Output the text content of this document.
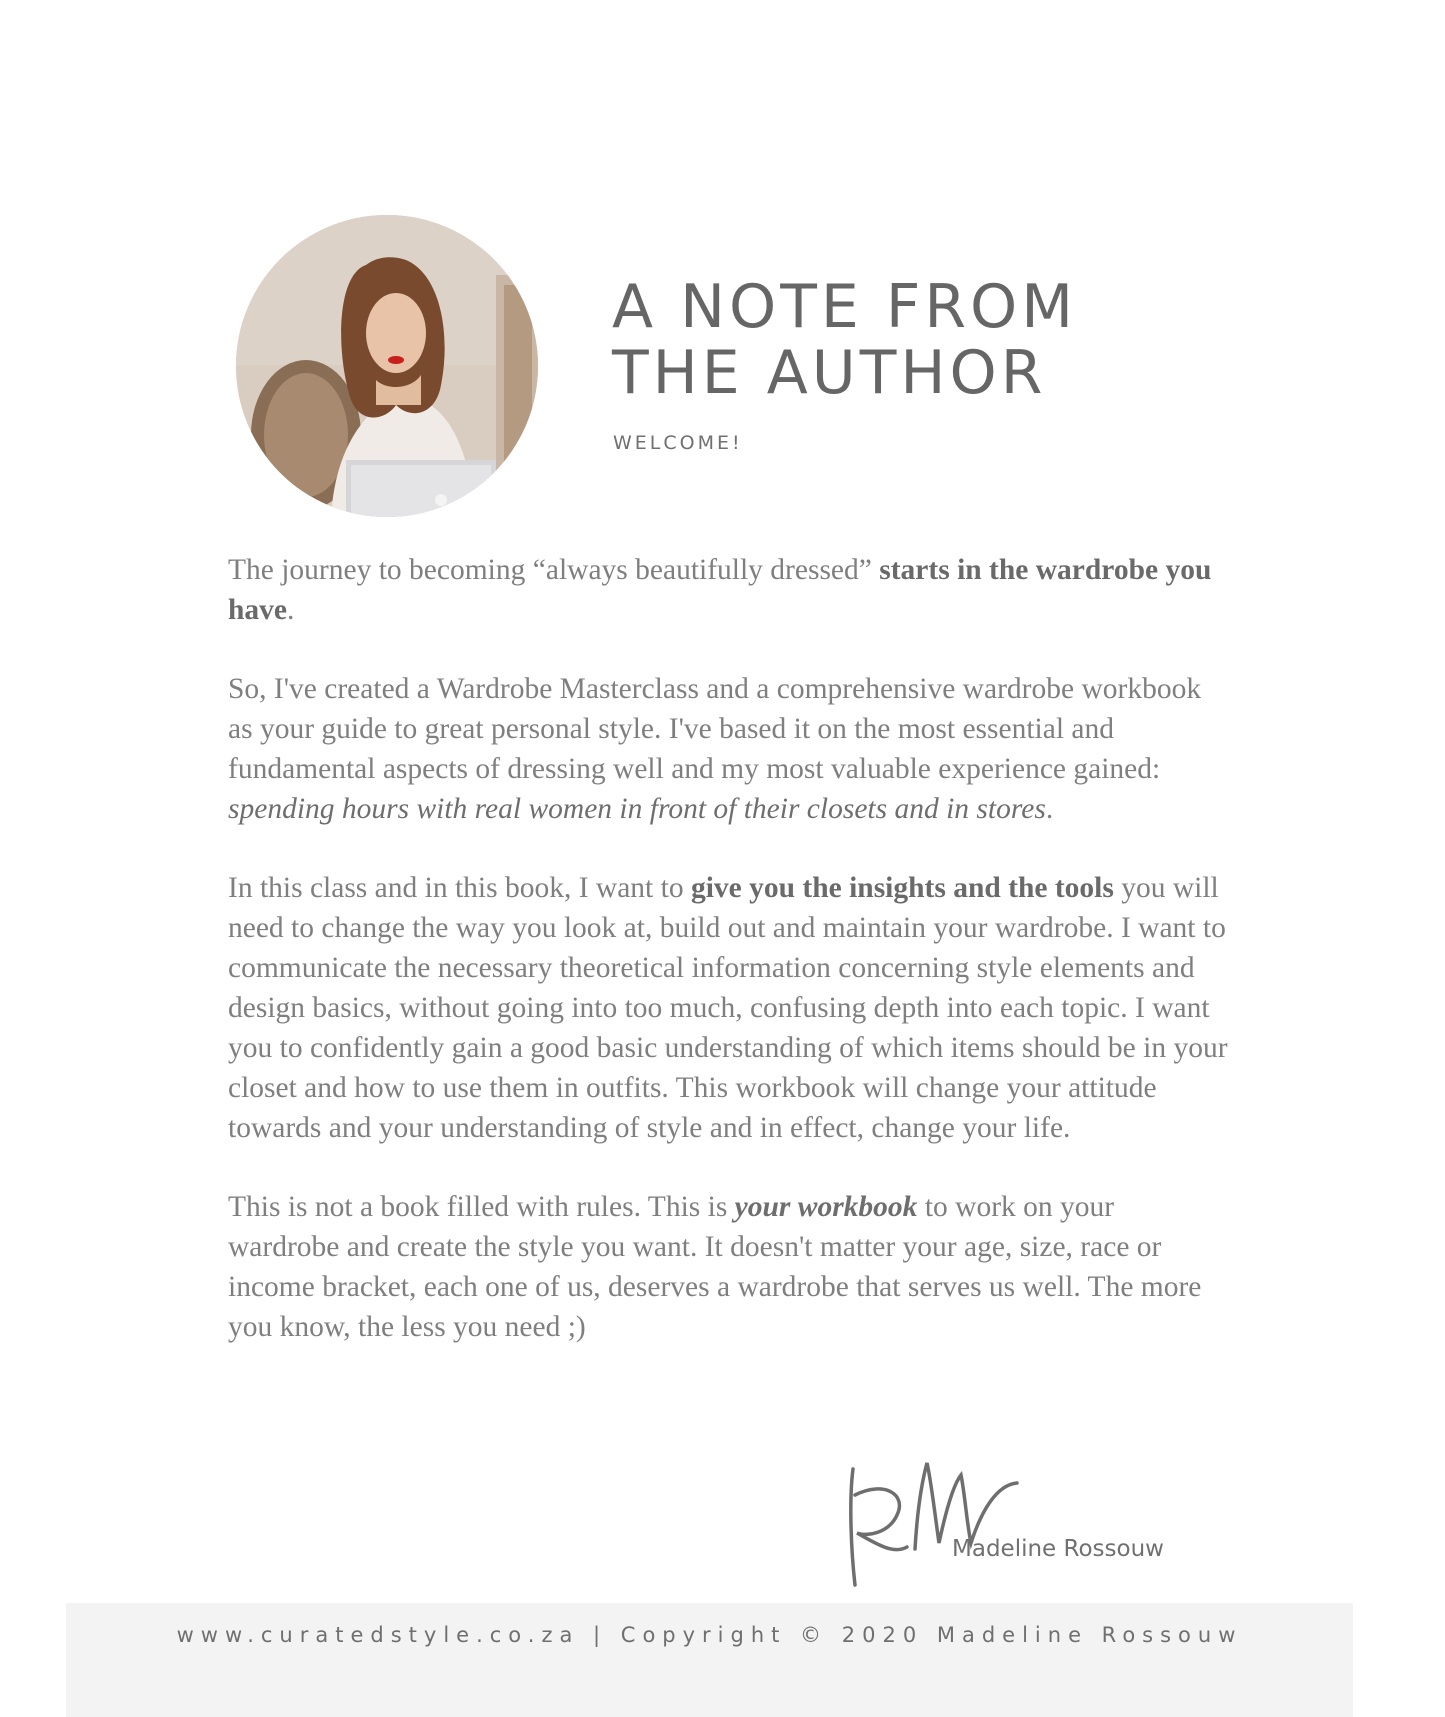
A NOTE FROM
THE AUTHOR
WELCOME!

The journey to becoming “always beautifully dressed” starts in the wardrobe you have.

So, I've created a Wardrobe Masterclass and a comprehensive wardrobe workbook as your guide to great personal style. I've based it on the most essential and fundamental aspects of dressing well and my most valuable experience gained: spending hours with real women in front of their closets and in stores.

In this class and in this book, I want to give you the insights and the tools you will need to change the way you look at, build out and maintain your wardrobe. I want to communicate the necessary theoretical information concerning style elements and design basics, without going into too much, confusing depth into each topic. I want you to confidently gain a good basic understanding of which items should be in your closet and how to use them in outfits. This workbook will change your attitude towards and your understanding of style and in effect, change your life.

This is not a book filled with rules. This is your workbook to work on your wardrobe and create the style you want. It doesn't matter your age, size, race or income bracket, each one of us, deserves a wardrobe that serves us well. The more you know, the less you need ;)

Madeline Rossouw
www.curatedstyle.co.za | Copyright © 2020 Madeline Rossouw
